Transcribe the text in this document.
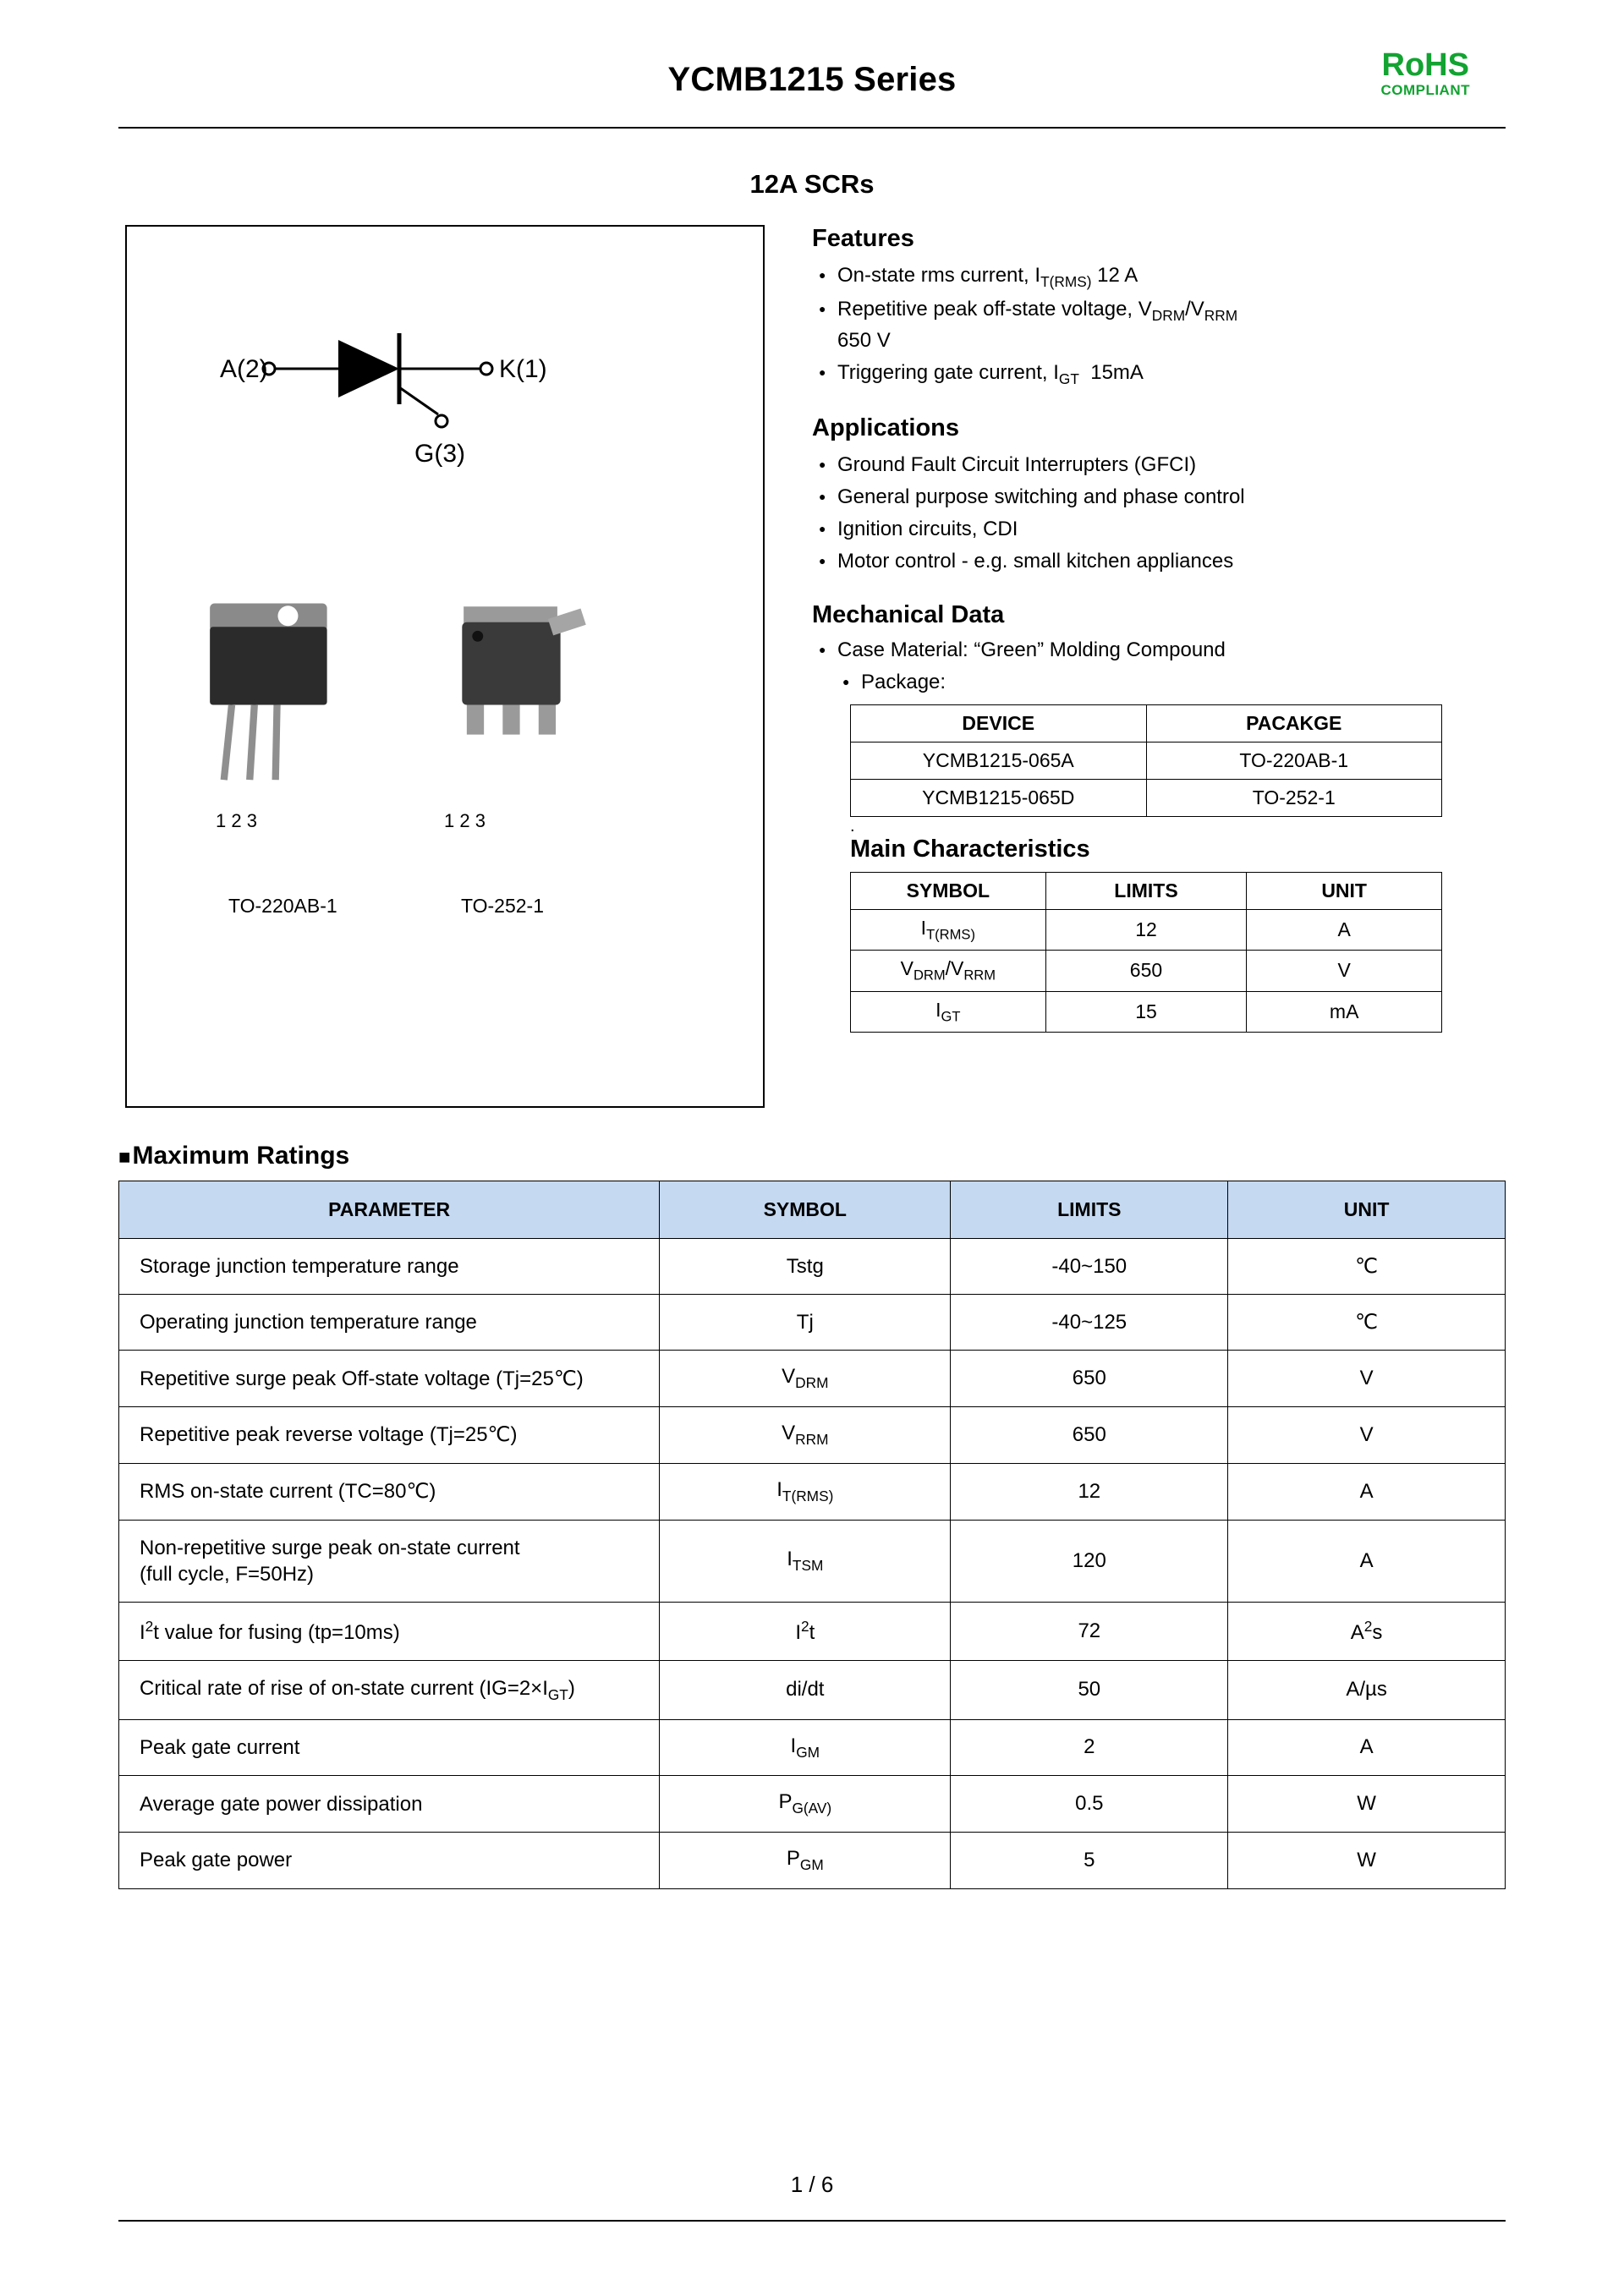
YCMB1215 Series	RoHS
COMPLIANT
12A SCRs
A(2)	K(1)
G(3)
1 2 3	1 2 3
TO-220AB-1	TO-252-1
Features
● On-state rms current, $I_{T(RMS)}$ 12 A
● Repetitive peak off-state voltage, $V_{DRM}/V_{RRM}$
650 V
● Triggering gate current, $I_{GT}$  15mA
Applications
● Ground Fault Circuit Interrupters (GFCI)
● General purpose switching and phase control
● Ignition circuits, CDI
● Motor control - e.g. small kitchen appliances
Mechanical Data
● Case Material: “Green” Molding Compound
● Package:
DEVICE	PACAKGE
YCMB1215-065A	TO-220AB-1
YCMB1215-065D	TO-252-1
.
Main Characteristics
SYMBOL	LIMITS	UNIT
$I_{T(RMS)}$	12	A
$V_{DRM}/V_{RRM}$	650	V
$I_{GT}$	15	mA
■Maximum Ratings
PARAMETER	SYMBOL	LIMITS	UNIT
Storage junction temperature range	Tstg	-40~150	℃
Operating junction temperature range	Tj	-40~125	℃
Repetitive surge peak Off-state voltage (Tj=25℃)	$V_{DRM}$	650	V
Repetitive peak reverse voltage (Tj=25℃)	$V_{RRM}$	650	V
RMS on-state current (TC=80℃)	$I_{T(RMS)}$	12	A
Non-repetitive surge peak on-state current
(full cycle, F=50Hz)	$I_{TSM}$	120	A
$I^2t$ value for fusing (tp=10ms)	$I^2t$	72	$A^2s$
Critical rate of rise of on-state current $(IG=2\times I_{GT})$	di/dt	50	A/µs
Peak gate current	$I_{GM}$	2	A
Average gate power dissipation	$P_{G(AV)}$	0.5	W
Peak gate power	$P_{GM}$	5	W
1 / 6
